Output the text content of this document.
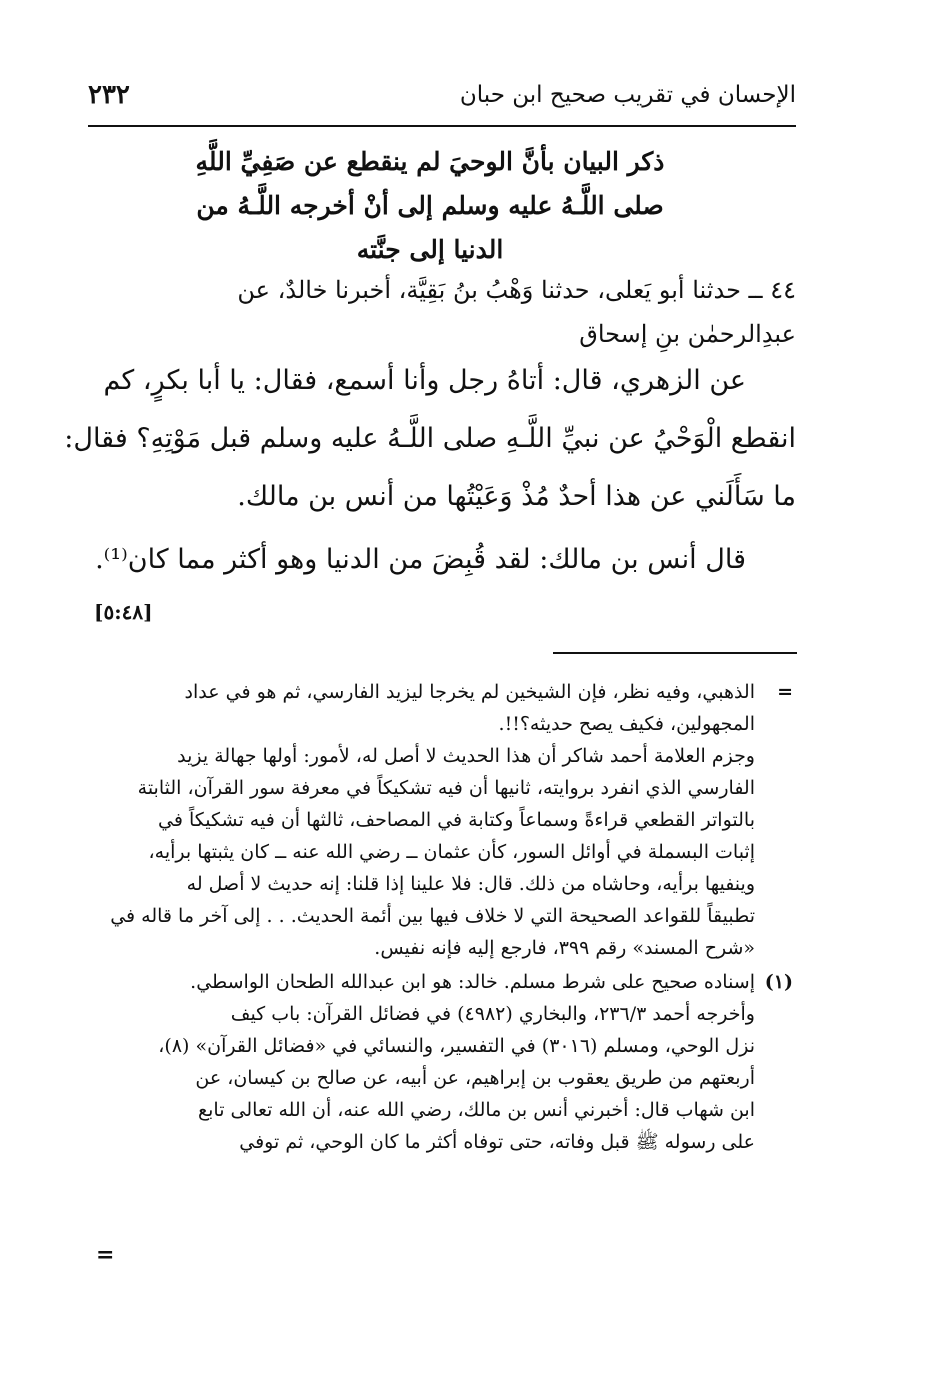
٢٣٢	الإحسان في تقريب صحيح ابن حبان
ذكر البيان بأنَّ الوحيَ لم ينقطع عن صَفِيِّ اللَّهِ
صلى اللَّـهُ عليه وسلم إلى أنْ أخرجه اللَّـهُ من
الدنيا إلى جنَّته
٤٤ ــ حدثنا أبو يَعلى، حدثنا وَهْبُ بنُ بَقِيَّة، أخبرنا خالدٌ، عن
عبدِالرحمٰن بنِ إسحاق
عن الزهري، قال: أتاهُ رجل وأنا أسمع، فقال: يا أبا بكرٍ، كم
انقطع الْوَحْيُ عن نبيِّ اللَّـهِ صلى اللَّـهُ عليه وسلم قبل مَوْتِهِ؟ فقال:
ما سَأَلَني عن هذا أحدٌ مُذْ وَعَيْتُها من أنس بن مالك.
قال أنس بن مالك: لقد قُبِضَ من الدنيا وهو أكثر مما كان⁽¹⁾.
[٥:٤٨]
=
الذهبي، وفيه نظر، فإن الشيخين لم يخرجا ليزيد الفارسي، ثم هو في عداد
المجهولين، فكيف يصح حديثه؟!!.
وجزم العلامة أحمد شاكر أن هذا الحديث لا أصل له، لأمور: أولها جهالة يزيد
الفارسي الذي انفرد بروايته، ثانيها أن فيه تشكيكاً في معرفة سور القرآن، الثابتة
بالتواتر القطعي قراءةً وسماعاً وكتابة في المصاحف، ثالثها أن فيه تشكيكاً في
إثبات البسملة في أوائل السور، كأن عثمان ــ رضي الله عنه ــ كان يثبتها برأيه،
وينفيها برأيه، وحاشاه من ذلك. قال: فلا علينا إذا قلنا: إنه حديث لا أصل له
تطبيقاً للقواعد الصحيحة التي لا خلاف فيها بين أئمة الحديث. . . إلى آخر ما قاله في
«شرح المسند» رقم ٣٩٩، فارجع إليه فإنه نفيس.
(١)
إسناده صحيح على شرط مسلم. خالد: هو ابن عبدالله الطحان الواسطي.
وأخرجه أحمد ٢٣٦/٣، والبخاري (٤٩٨٢) في فضائل القرآن: باب كيف
نزل الوحي، ومسلم (٣٠١٦) في التفسير، والنسائي في «فضائل القرآن» (٨)،
أربعتهم من طريق يعقوب بن إبراهيم، عن أبيه، عن صالح بن كيسان، عن
ابن شهاب قال: أخبرني أنس بن مالك، رضي الله عنه، أن الله تعالى تابع
على رسوله ﷺ قبل وفاته، حتى توفاه أكثر ما كان الوحي، ثم توفي
=
